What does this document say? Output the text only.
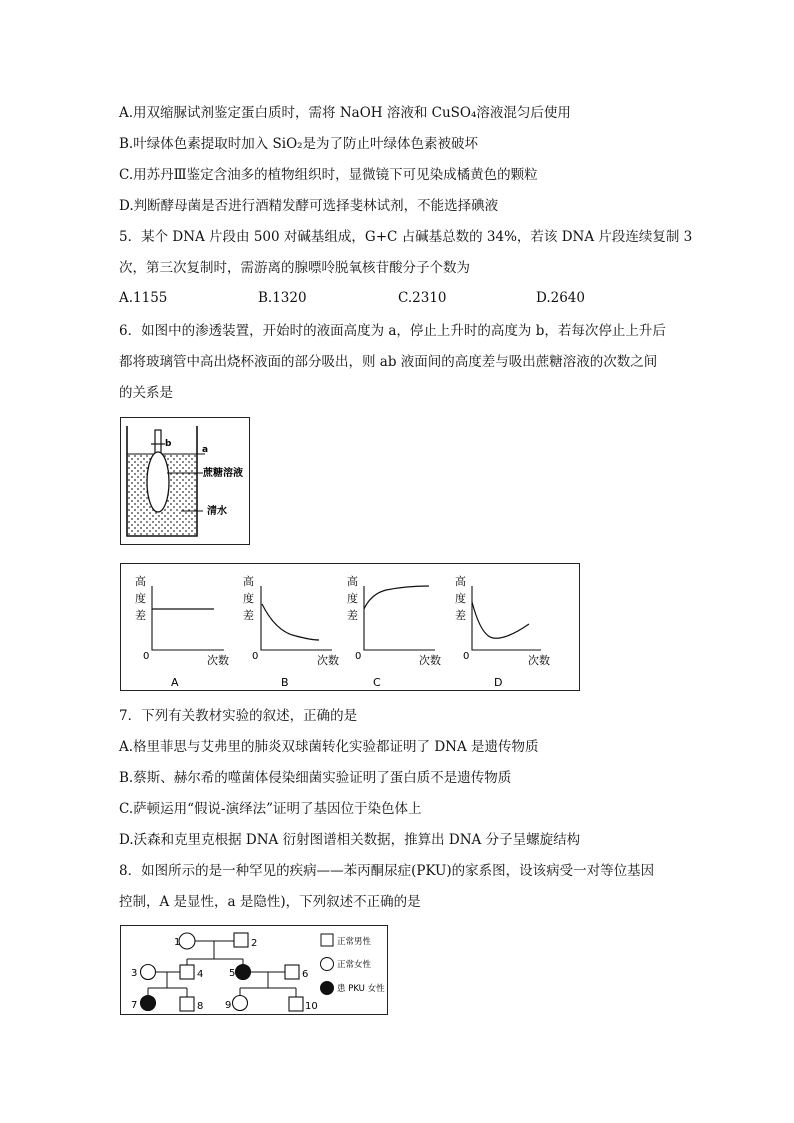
A.用双缩脲试剂鉴定蛋白质时，需将 NaOH 溶液和 CuSO₄溶液混匀后使用
B.叶绿体色素提取时加入 SiO₂是为了防止叶绿体色素被破坏
C.用苏丹Ⅲ鉴定含油多的植物组织时，显微镜下可见染成橘黄色的颗粒
D.判断酵母菌是否进行酒精发酵可选择斐林试剂，不能选择碘液
5．某个 DNA 片段由 500 对碱基组成，G+C 占碱基总数的 34%，若该 DNA 片段连续复制 3
次，第三次复制时，需游离的腺嘌呤脱氧核苷酸分子个数为
A.1155	B.1320	C.2310	D.2640
6．如图中的渗透装置，开始时的液面高度为 a，停止上升时的高度为 b，若每次停止上升后
都将玻璃管中高出烧杯液面的部分吸出，则 ab 液面间的高度差与吸出蔗糖溶液的次数之间
的关系是
a
b
蔗糖溶液
清水
高
度
差
0	次数
A
高
度
差
0	次数
B
高
度
差
0	次数
C
高
度
差
0	次数
D
7．下列有关教材实验的叙述，正确的是
A.格里菲思与艾弗里的肺炎双球菌转化实验都证明了 DNA 是遗传物质
B.蔡斯、赫尔希的噬菌体侵染细菌实验证明了蛋白质不是遗传物质
C.萨顿运用“假说-演绎法”证明了基因位于染色体上
D.沃森和克里克根据 DNA 衍射图谱相关数据，推算出 DNA 分子呈螺旋结构
8．如图所示的是一种罕见的疾病——苯丙酮尿症(PKU)的家系图，设该病受一对等位基因
控制，A 是显性，a 是隐性)，下列叙述不正确的是
1	2
3	4	5	6
7	8 9	10
正常男性
正常女性
患 PKU 女性
